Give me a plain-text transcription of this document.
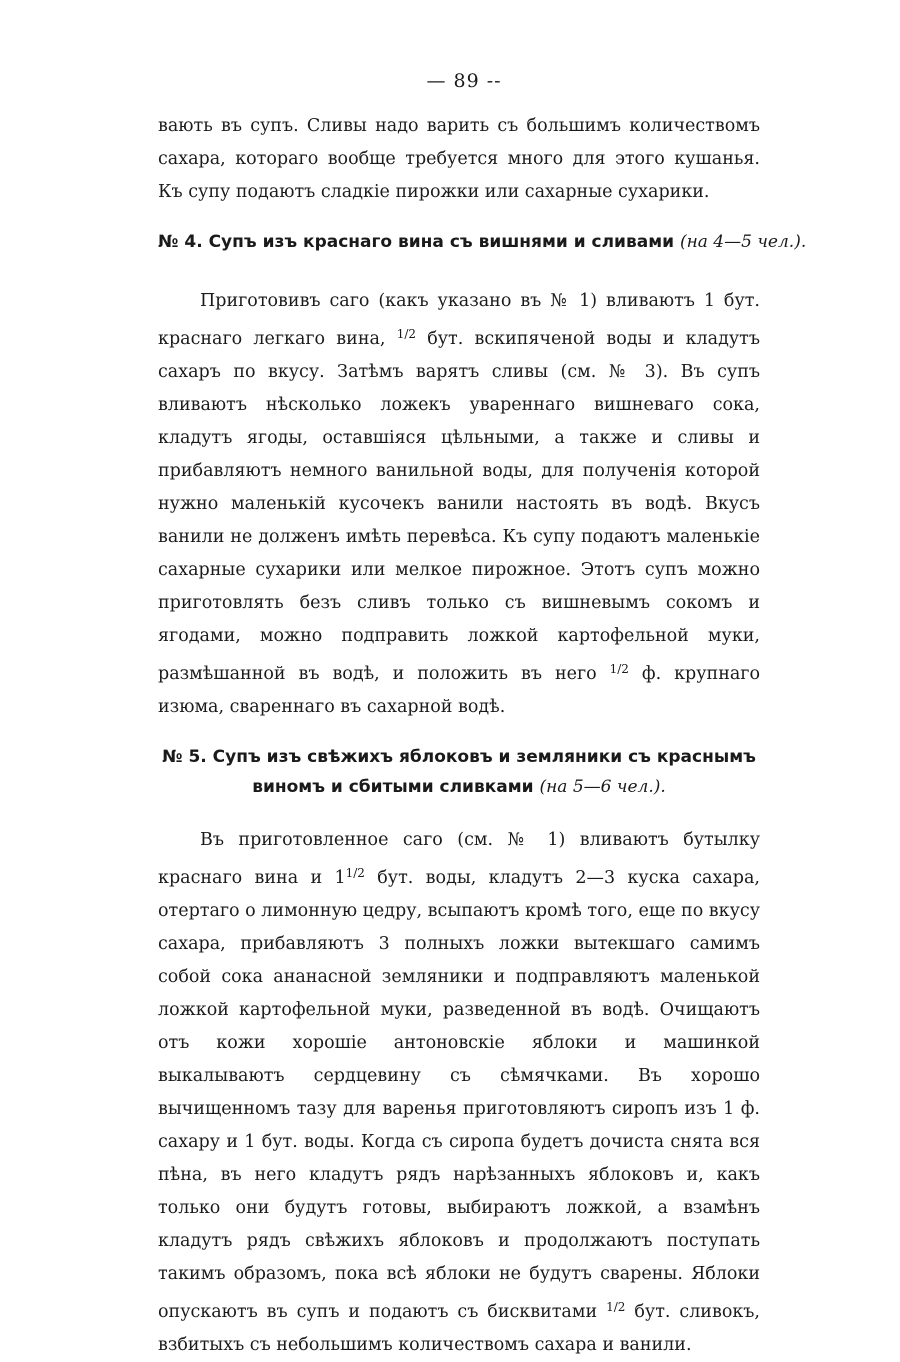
— 89 --

вають въ супъ. Сливы надо варить съ большимъ количествомъ сахара, котораго вообще требуется много для этого кушанья. Къ супу подаютъ сладкіе пирожки или сахарные сухарики.

№ 4. Супъ изъ краснаго вина съ вишнями и сливами (на 4—5 чел.).

Приготовивъ саго (какъ указано въ № 1) вливаютъ 1 бут. краснаго легкаго вина, $^{1/2}$ бут. вскипяченой воды и кладутъ сахаръ по вкусу. Затѣмъ варятъ сливы (см. № 3). Въ супъ вливаютъ нѣсколько ложекъ увареннаго вишневаго сока, кладутъ ягоды, оставшіяся цѣльными, а также и сливы и прибавляютъ немного ванильной воды, для полученія которой нужно маленькій кусочекъ ванили настоять въ водѣ. Вкусъ ванили не долженъ имѣть перевѣса. Къ супу подаютъ маленькіе сахарные сухарики или мелкое пирожное. Этотъ супъ можно приготовлять безъ сливъ только съ вишневымъ сокомъ и ягодами, можно подправить ложкой картофельной муки, размѣшанной въ водѣ, и положить въ него $^{1/2}$ ф. крупнаго изюма, свареннаго въ сахарной водѣ.

№ 5. Супъ изъ свѣжихъ яблоковъ и земляники съ краснымъ
виномъ и сбитыми сливками (на 5—6 чел.).

Въ приготовленное саго (см. № 1) вливаютъ бутылку краснаго вина и $1^{1/2}$ бут. воды, кладутъ 2—3 куска сахара, отертаго о лимонную цедру, всыпаютъ кромѣ того, еще по вкусу сахара, прибавляютъ 3 полныхъ ложки вытекшаго самимъ собой сока ананасной земляники и подправляютъ маленькой ложкой картофельной муки, разведенной въ водѣ. Очищаютъ отъ кожи хорошіе антоновскіе яблоки и машинкой выкалываютъ сердцевину съ сѣмячками. Въ хорошо вычищенномъ тазу для варенья приготовляютъ сиропъ изъ 1 ф. сахару и 1 бут. воды. Когда съ сиропа будетъ дочиста снята вся пѣна, въ него кладутъ рядъ нарѣзанныхъ яблоковъ и, какъ только они будутъ готовы, выбираютъ ложкой, а взамѣнъ кладутъ рядъ свѣжихъ яблоковъ и продолжаютъ поступать такимъ образомъ, пока всѣ яблоки не будутъ сварены. Яблоки опускаютъ въ супъ и подаютъ съ бисквитами $^{1/2}$ бут. сливокъ, взбитыхъ съ небольшимъ количествомъ сахара и ванили.
